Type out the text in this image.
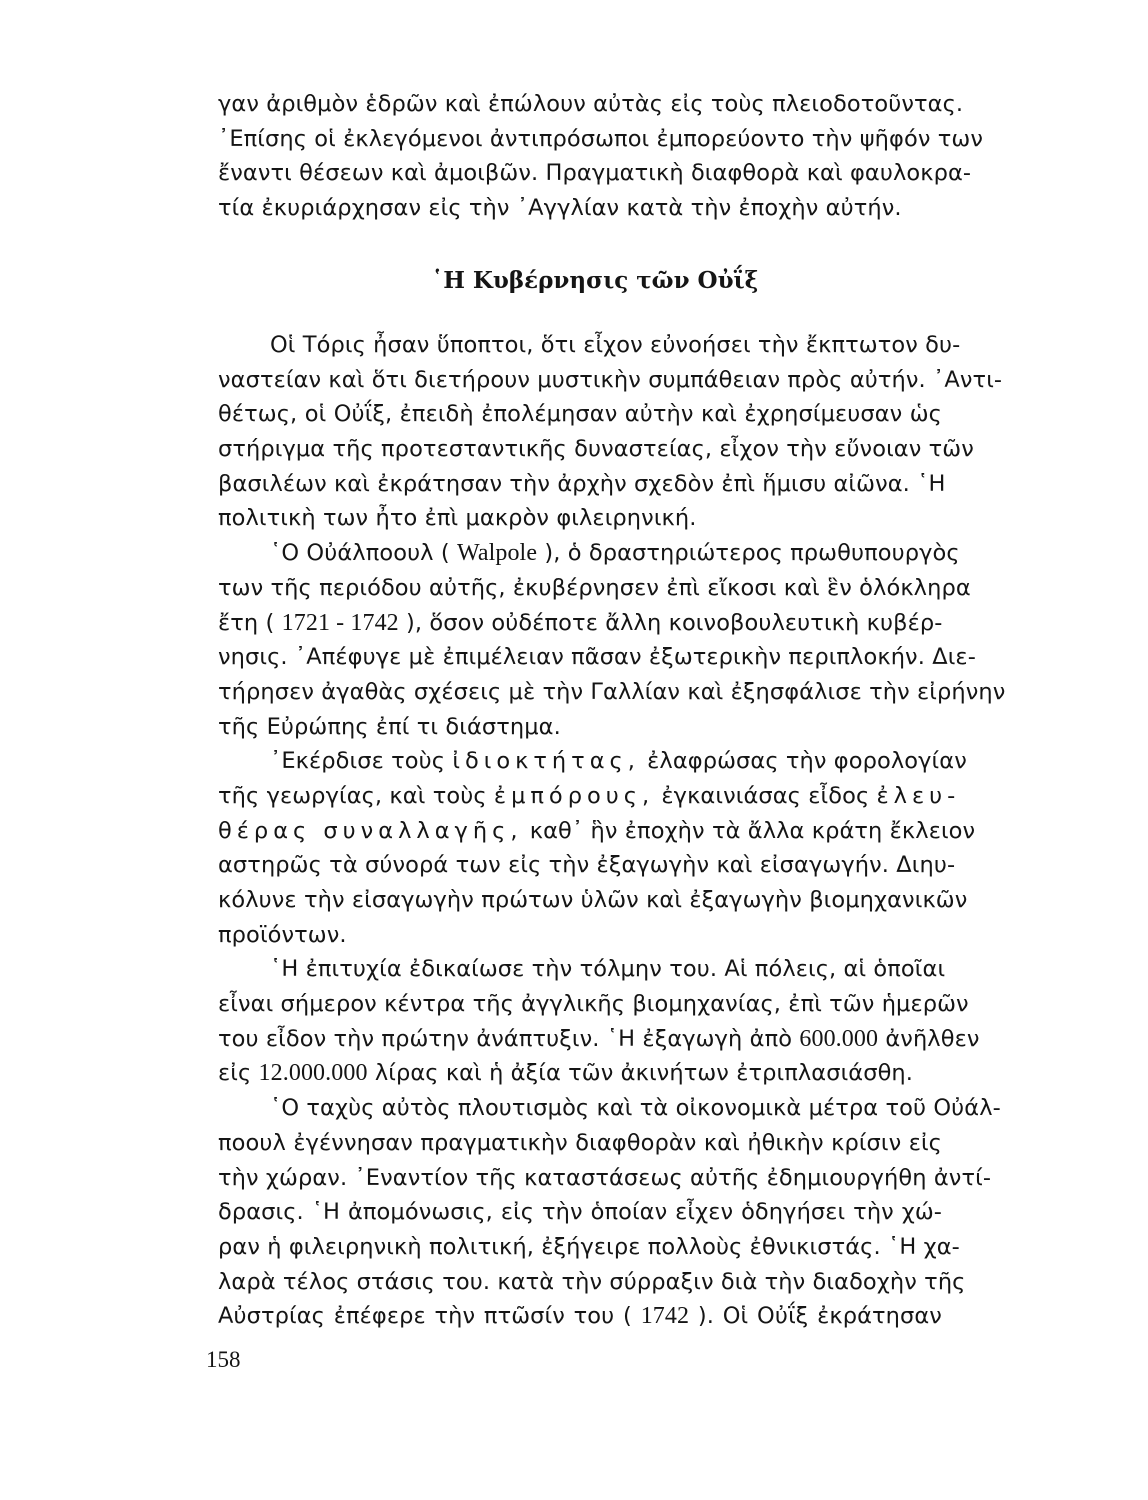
γαν ἀριθμὸν ἑδρῶν καὶ ἐπώλουν αὐτὰς εἰς τοὺς πλειοδοτοῦντας.
᾿Επίσης οἱ ἐκλεγόμενοι ἀντιπρόσωποι ἐμπορεύοντο τὴν ψῆφόν των
ἔναντι θέσεων καὶ ἀμοιβῶν. Πραγματικὴ διαφθορὰ καὶ φαυλοκρα-
τία ἐκυριάρχησαν εἰς τὴν ᾿Αγγλίαν κατὰ τὴν ἐποχὴν αὐτήν.
῾Η Κυβέρνησις τῶν Οὐΐξ
Οἱ Τόρις ἦσαν ὕποπτοι, ὅτι εἶχον εὐνοήσει τὴν ἔκπτωτον δυ-
ναστείαν καὶ ὅτι διετήρουν μυστικὴν συμπάθειαν πρὸς αὐτήν. ᾿Αντι-
θέτως, οἱ Οὐΐξ, ἐπειδὴ ἐπολέμησαν αὐτὴν καὶ ἐχρησίμευσαν ὡς
στήριγμα τῆς προτεσταντικῆς δυναστείας, εἶχον τὴν εὔνοιαν τῶν
βασιλέων καὶ ἐκράτησαν τὴν ἀρχὴν σχεδὸν ἐπὶ ἥμισυ αἰῶνα. ῾Η
πολιτικὴ των ἦτο ἐπὶ μακρὸν φιλειρηνική.
῾Ο Οὐάλποουλ ( Walpole ), ὁ δραστηριώτερος πρωθυπουργὸς
των τῆς περιόδου αὐτῆς, ἐκυβέρνησεν ἐπὶ εἴκοσι καὶ ἓν ὁλόκληρα
ἔτη ( 1721 - 1742 ), ὅσον οὐδέποτε ἄλλη κοινοβουλευτικὴ κυβέρ-
νησις. ᾿Απέφυγε μὲ ἐπιμέλειαν πᾶσαν ἐξωτερικὴν περιπλοκήν. Διε-
τήρησεν ἀγαθὰς σχέσεις μὲ τὴν Γαλλίαν καὶ ἐξησφάλισε τὴν εἰρήνην
τῆς Εὐρώπης ἐπί τι διάστημα.
᾿Εκέρδισε τοὺς ἰδιοκτήτας, ἐλαφρώσας τὴν φορολογίαν
τῆς γεωργίας, καὶ τοὺς ἐμπόρους, ἐγκαινιάσας εἶδος ἐλευ-
θέρας συναλλαγῆς, καθ᾿ ἣν ἐποχὴν τὰ ἄλλα κράτη ἔκλειον
αστηρῶς τὰ σύνορά των εἰς τὴν ἐξαγωγὴν καὶ εἰσαγωγήν. Διηυ-
κόλυνε τὴν εἰσαγωγὴν πρώτων ὑλῶν καὶ ἐξαγωγὴν βιομηχανικῶν
προϊόντων.
῾Η ἐπιτυχία ἐδικαίωσε τὴν τόλμην του. Αἱ πόλεις, αἱ ὁποῖαι
εἶναι σήμερον κέντρα τῆς ἀγγλικῆς βιομηχανίας, ἐπὶ τῶν ἡμερῶν
του εἶδον τὴν πρώτην ἀνάπτυξιν. ῾Η ἐξαγωγὴ ἀπὸ 600.000 ἀνῆλθεν
εἰς 12.000.000 λίρας καὶ ἡ ἀξία τῶν ἀκινήτων ἐτριπλασιάσθη.
῾Ο ταχὺς αὐτὸς πλουτισμὸς καὶ τὰ οἰκονομικὰ μέτρα τοῦ Οὐάλ-
ποουλ ἐγέννησαν πραγματικὴν διαφθορὰν καὶ ἠθικὴν κρίσιν εἰς
τὴν χώραν. ᾿Εναντίον τῆς καταστάσεως αὐτῆς ἐδημιουργήθη ἀντί-
δρασις. ῾Η ἀπομόνωσις, εἰς τὴν ὁποίαν εἶχεν ὁδηγήσει τὴν χώ-
ραν ἡ φιλειρηνικὴ πολιτική, ἐξήγειρε πολλοὺς ἐθνικιστάς. ῾Η χα-
λαρὰ τέλος στάσις του. κατὰ τὴν σύρραξιν διὰ τὴν διαδοχὴν τῆς
Αὐστρίας ἐπέφερε τὴν πτῶσίν του ( 1742 ). Οἱ Οὐΐξ ἐκράτησαν
158
